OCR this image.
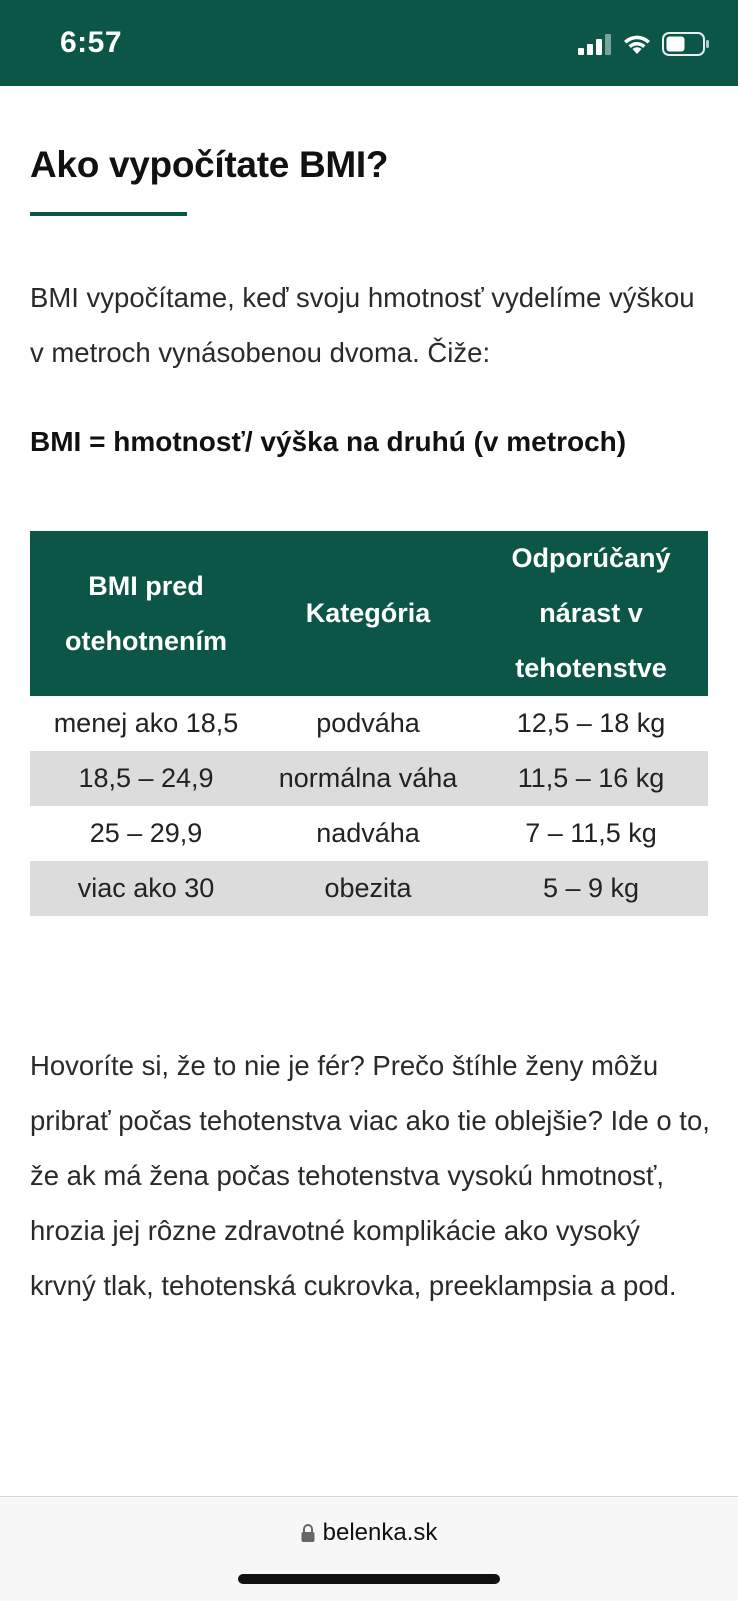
6:57
Ako vypočítate BMI?

BMI vypočítame, keď svoju hmotnosť vydelíme výškou v metroch vynásobenou dvoma. Čiže:

BMI = hmotnosť/ výška na druhú (v metroch)

BMI pred otehotnením	Kategória	Odporúčaný nárast v tehotenstve
menej ako 18,5	podváha	12,5 – 18 kg
18,5 – 24,9	normálna váha	11,5 – 16 kg
25 – 29,9	nadváha	7 – 11,5 kg
viac ako 30	obezita	5 – 9 kg

Hovoríte si, že to nie je fér? Prečo štíhle ženy môžu pribrať počas tehotenstva viac ako tie oblejšie? Ide o to, že ak má žena počas tehotenstva vysokú hmotnosť, hrozia jej rôzne zdravotné komplikácie ako vysoký krvný tlak, tehotenská cukrovka, preeklampsia a pod.

belenka.sk
